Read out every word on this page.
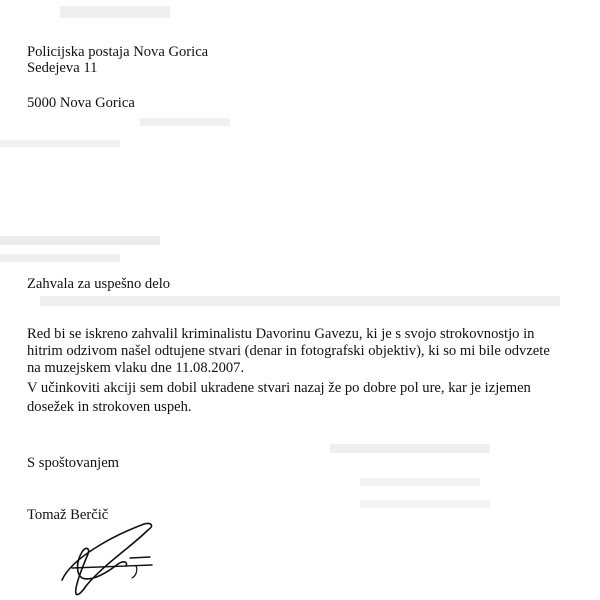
Policijska postaja Nova Gorica
Sedejeva 11
5000 Nova Gorica
Zahvala za uspešno delo
Red bi se iskreno zahvalil kriminalistu Davorinu Gavezu, ki je s svojo strokovnostjo in
hitrim odzivom našel odtujene stvari (denar in fotografski objektiv), ki so mi bile odvzete
na muzejskem vlaku dne 11.08.2007.
V učinkoviti akciji sem dobil ukradene stvari nazaj že po dobre pol ure, kar je izjemen
dosežek in strokoven uspeh.
S spoštovanjem
Tomaž Berčič
